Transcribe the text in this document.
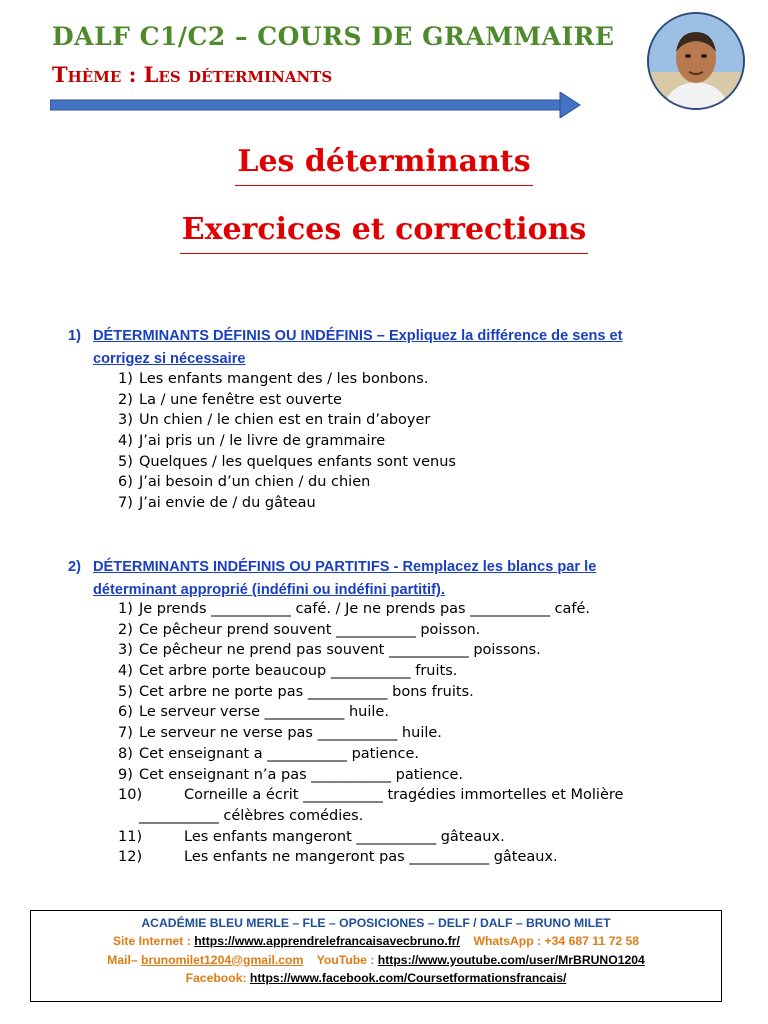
DALF C1/C2 – COURS DE GRAMMAIRE
Thème : Les déterminants
Les déterminants
Exercices et corrections
1) DÉTERMINANTS DÉFINIS OU INDÉFINIS – Expliquez la différence de sens et corrigez si nécessaire
1) Les enfants mangent des / les bonbons.
2) La / une fenêtre est ouverte
3) Un chien / le chien est en train d’aboyer
4) J’ai pris un / le livre de grammaire
5) Quelques / les quelques enfants sont venus
6) J’ai besoin d’un chien / du chien
7) J’ai envie de / du gâteau
2) DÉTERMINANTS INDÉFINIS OU PARTITIFS - Remplacez les blancs par le déterminant approprié (indéfini ou indéfini partitif).
1) Je prends ___________ café. / Je ne prends pas ___________ café.
2) Ce pêcheur prend souvent ___________ poisson.
3) Ce pêcheur ne prend pas souvent ___________ poissons.
4) Cet arbre porte beaucoup ___________ fruits.
5) Cet arbre ne porte pas ___________ bons fruits.
6) Le serveur verse ___________ huile.
7) Le serveur ne verse pas ___________ huile.
8) Cet enseignant a ___________ patience.
9) Cet enseignant n’a pas ___________ patience.
10)	Corneille a écrit ___________ tragédies immortelles et Molière
___________ célèbres comédies.
11)	Les enfants mangeront ___________ gâteaux.
12)	Les enfants ne mangeront pas ___________ gâteaux.
ACADÉMIE BLEU MERLE – FLE – OPOSICIONES – DELF / DALF – BRUNO MILET
Site Internet : https://www.apprendrelefrancaisavecbruno.fr/ WhatsApp : +34 687 11 72 58
Mail– brunomilet1204@gmail.com YouTube : https://www.youtube.com/user/MrBRUNO1204
Facebook: https://www.facebook.com/Coursetformationsfrancais/
